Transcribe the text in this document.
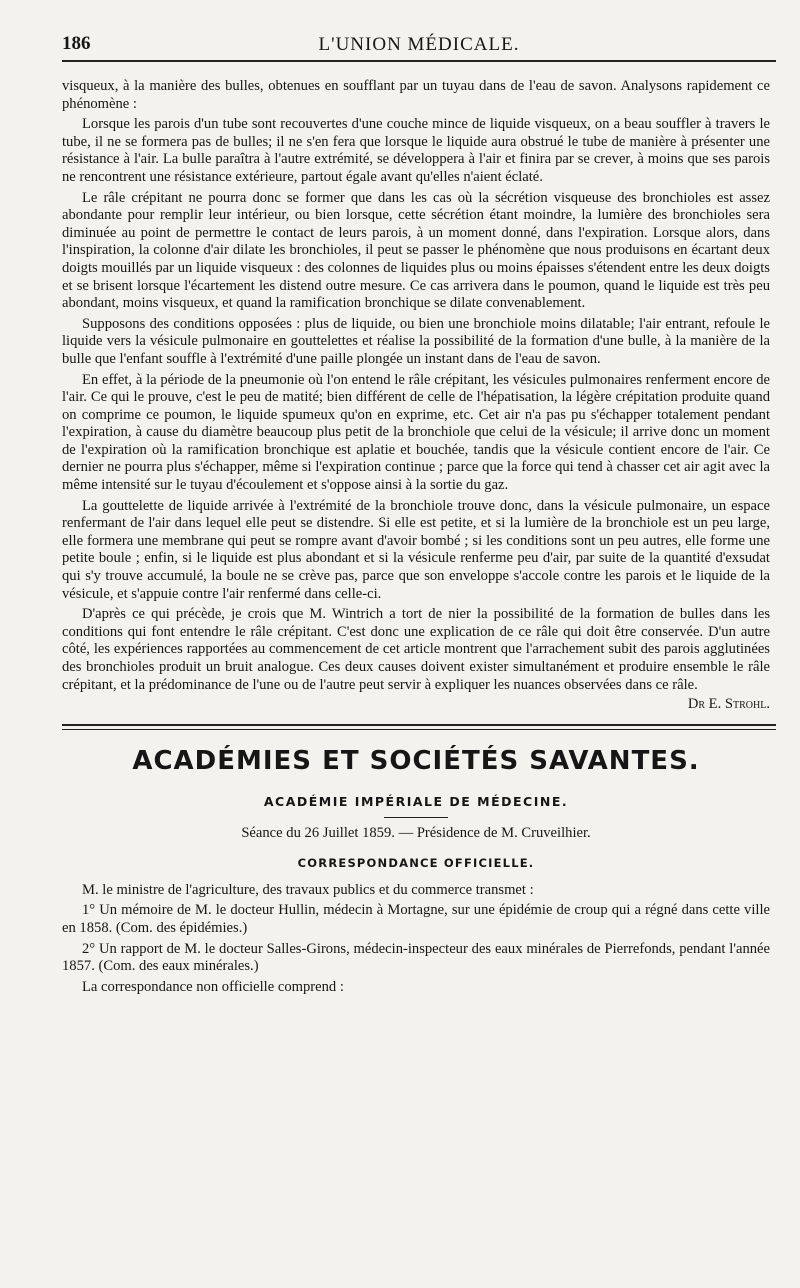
186	L'UNION MÉDICALE.

visqueux, à la manière des bulles, obtenues en soufflant par un tuyau dans de l'eau de savon. Analysons rapidement ce phénomène :

Lorsque les parois d'un tube sont recouvertes d'une couche mince de liquide visqueux, on a beau souffler à travers le tube, il ne se formera pas de bulles; il ne s'en fera que lorsque le liquide aura obstrué le tube de manière à présenter une résistance à l'air. La bulle paraîtra à l'autre extrémité, se développera à l'air et finira par se crever, à moins que ses parois ne rencontrent une résistance extérieure, partout égale avant qu'elles n'aient éclaté.

Le râle crépitant ne pourra donc se former que dans les cas où la sécrétion visqueuse des bronchioles est assez abondante pour remplir leur intérieur, ou bien lorsque, cette sécrétion étant moindre, la lumière des bronchioles sera diminuée au point de permettre le contact de leurs parois, à un moment donné, dans l'expiration. Lorsque alors, dans l'inspiration, la colonne d'air dilate les bronchioles, il peut se passer le phénomène que nous produisons en écartant deux doigts mouillés par un liquide visqueux : des colonnes de liquides plus ou moins épaisses s'étendent entre les deux doigts et se brisent lorsque l'écartement les distend outre mesure. Ce cas arrivera dans le poumon, quand le liquide est très peu abondant, moins visqueux, et quand la ramification bronchique se dilate convenablement.

Supposons des conditions opposées : plus de liquide, ou bien une bronchiole moins dilatable; l'air entrant, refoule le liquide vers la vésicule pulmonaire en gouttelettes et réalise la possibilité de la formation d'une bulle, à la manière de la bulle que l'enfant souffle à l'extrémité d'une paille plongée un instant dans de l'eau de savon.

En effet, à la période de la pneumonie où l'on entend le râle crépitant, les vésicules pulmonaires renferment encore de l'air. Ce qui le prouve, c'est le peu de matité; bien différent de celle de l'hépatisation, la légère crépitation produite quand on comprime ce poumon, le liquide spumeux qu'on en exprime, etc. Cet air n'a pas pu s'échapper totalement pendant l'expiration, à cause du diamètre beaucoup plus petit de la bronchiole que celui de la vésicule; il arrive donc un moment de l'expiration où la ramification bronchique est aplatie et bouchée, tandis que la vésicule contient encore de l'air. Ce dernier ne pourra plus s'échapper, même si l'expiration continue ; parce que la force qui tend à chasser cet air agit avec la même intensité sur le tuyau d'écoulement et s'oppose ainsi à la sortie du gaz.

La gouttelette de liquide arrivée à l'extrémité de la bronchiole trouve donc, dans la vésicule pulmonaire, un espace renfermant de l'air dans lequel elle peut se distendre. Si elle est petite, et si la lumière de la bronchiole est un peu large, elle formera une membrane qui peut se rompre avant d'avoir bombé ; si les conditions sont un peu autres, elle forme une petite boule ; enfin, si le liquide est plus abondant et si la vésicule renferme peu d'air, par suite de la quantité d'exsudat qui s'y trouve accumulé, la boule ne se crève pas, parce que son enveloppe s'accole contre les parois et le liquide de la vésicule, et s'appuie contre l'air renfermé dans celle-ci.

D'après ce qui précède, je crois que M. Wintrich a tort de nier la possibilité de la formation de bulles dans les conditions qui font entendre le râle crépitant. C'est donc une explication de ce râle qui doit être conservée. D'un autre côté, les expériences rapportées au commencement de cet article montrent que l'arrachement subit des parois agglutinées des bronchioles produit un bruit analogue. Ces deux causes doivent exister simultanément et produire ensemble le râle crépitant, et la prédominance de l'une ou de l'autre peut servir à expliquer les nuances observées dans ce râle.

Dr E. Strohl.
ACADÉMIES ET SOCIÉTÉS SAVANTES.
ACADÉMIE IMPÉRIALE DE MÉDECINE.
Séance du 26 Juillet 1859. — Présidence de M. Cruveilhier.
CORRESPONDANCE OFFICIELLE.

M. le ministre de l'agriculture, des travaux publics et du commerce transmet :

1° Un mémoire de M. le docteur Hullin, médecin à Mortagne, sur une épidémie de croup qui a régné dans cette ville en 1858. (Com. des épidémies.)

2° Un rapport de M. le docteur Salles-Girons, médecin-inspecteur des eaux minérales de Pierrefonds, pendant l'année 1857. (Com. des eaux minérales.)

La correspondance non officielle comprend :
